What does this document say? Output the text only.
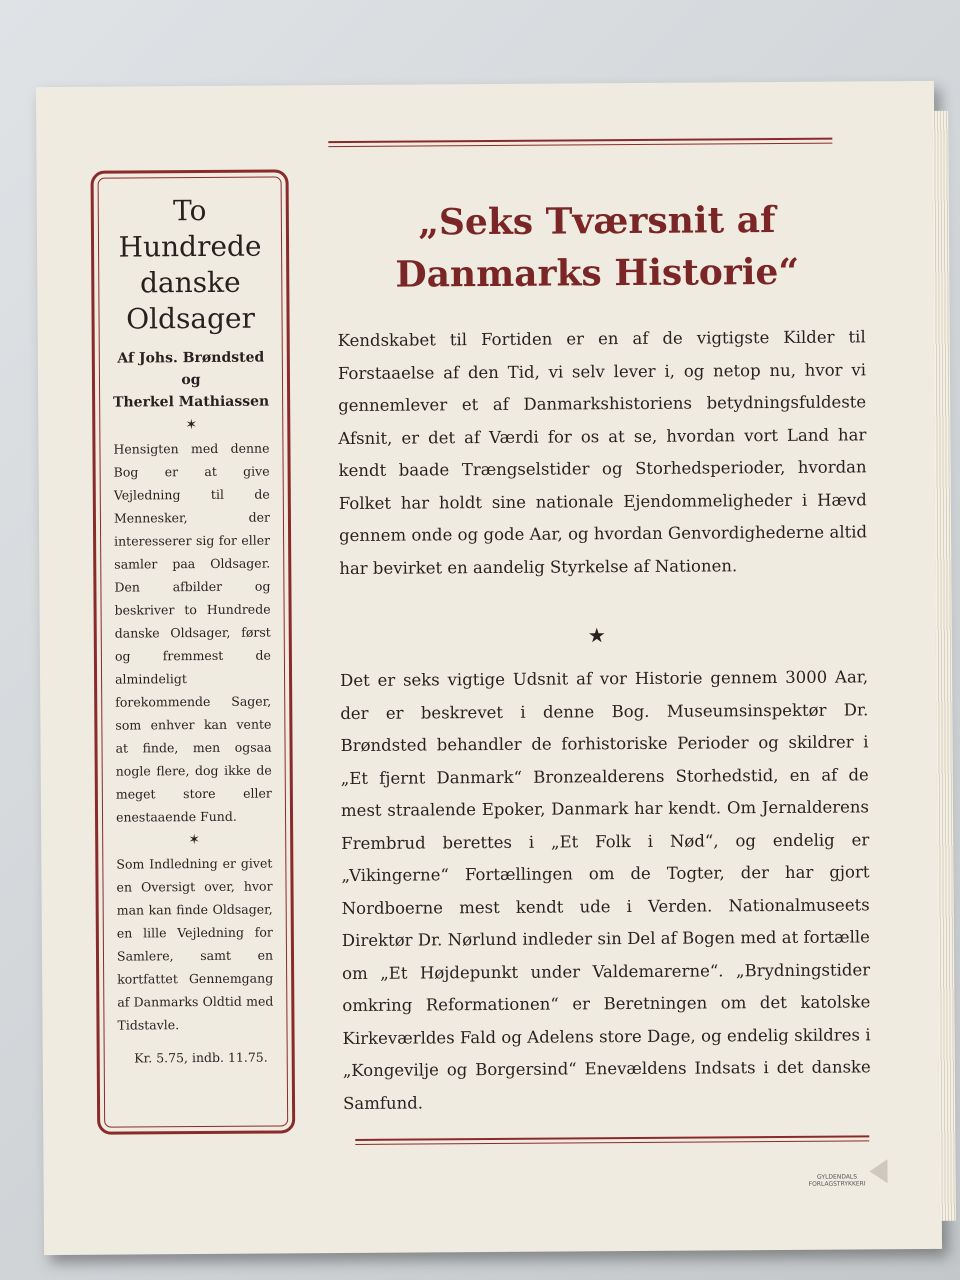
To
Hundrede
danske
Oldsager
Af Johs. Brøndsted og
Therkel Mathiassen
✶
Hensigten med denne Bog er at give Vejledning til de Mennesker, der interesserer sig for eller samler paa Oldsager. Den afbilder og beskriver to Hundrede danske Oldsager, først og fremmest de almindeligt forekommende Sager, som enhver kan vente at finde, men ogsaa nogle flere, dog ikke de meget store eller enestaaende Fund.
✶
Som Indledning er givet en Oversigt over, hvor man kan finde Oldsager, en lille Vejledning for Samlere, samt en kortfattet Gennemgang af Danmarks Oldtid med Tidstavle.
Kr. 5.75, indb. 11.75.
„Seks Tværsnit af
Danmarks Historie“
Kendskabet til Fortiden er en af de vigtigste Kilder til Forstaaelse af den Tid, vi selv lever i, og netop nu, hvor vi gennemlever et af Danmarkshistoriens betydningsfuldeste Afsnit, er det af Værdi for os at se, hvordan vort Land har kendt baade Trængselstider og Storhedsperioder, hvordan Folket har holdt sine nationale Ejendommeligheder i Hævd gennem onde og gode Aar, og hvordan Genvordighederne altid har bevirket en aandelig Styrkelse af Nationen.
★
Det er seks vigtige Udsnit af vor Historie gennem 3000 Aar, der er beskrevet i denne Bog. Museumsinspektør Dr. Brøndsted behandler de forhistoriske Perioder og skildrer i „Et fjernt Danmark“ Bronzealderens Storhedstid, en af de mest straalende Epoker, Danmark har kendt. Om Jernalderens Frembrud berettes i „Et Folk i Nød“, og endelig er „Vikingerne“ Fortællingen om de Togter, der har gjort Nordboerne mest kendt ude i Verden. Nationalmuseets Direktør Dr. Nørlund indleder sin Del af Bogen med at fortælle om „Et Højdepunkt under Valdemarerne“. „Brydningstider omkring Reformationen“ er Beretningen om det katolske Kirkeværldes Fald og Adelens store Dage, og endelig skildres i „Kongevilje og Borgersind“ Enevældens Indsats i det danske Samfund.
GYLDENDALS
FORLAGSTRYKKERI
